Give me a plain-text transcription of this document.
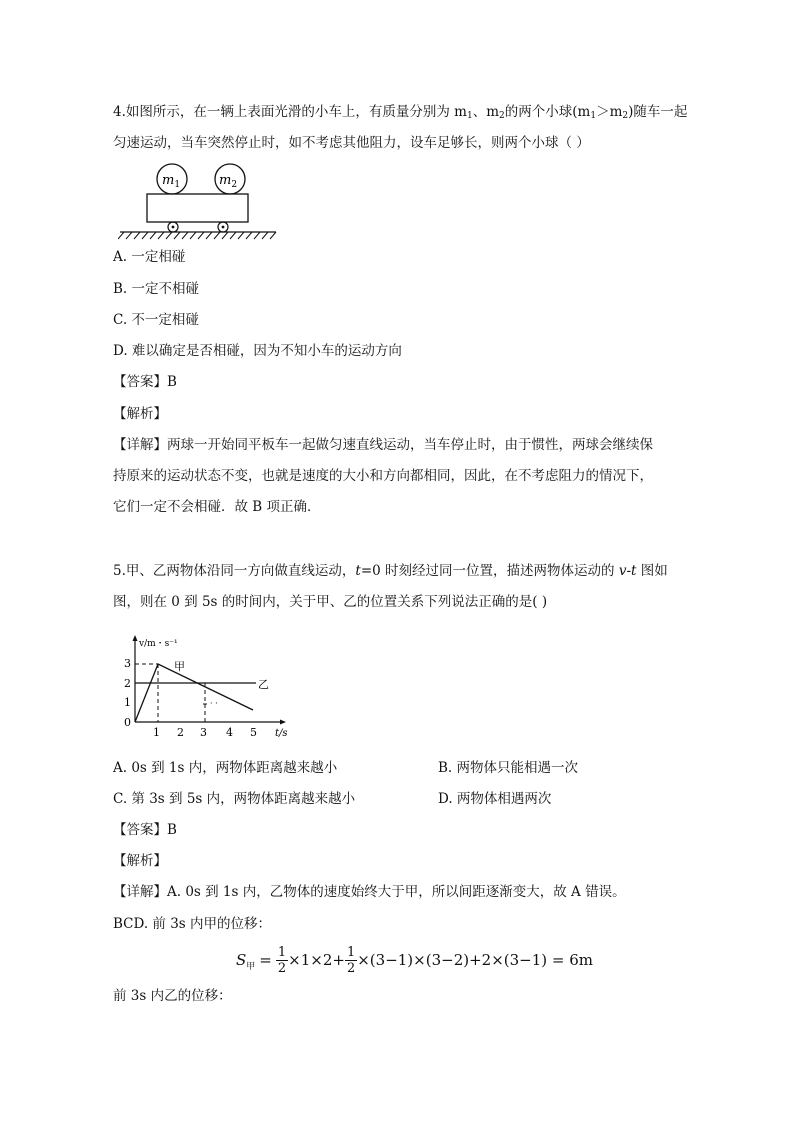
4.如图所示，在一辆上表面光滑的小车上，有质量分别为 $m_1$、$m_2$的两个小球$(m_1>m_2)$随车一起
匀速运动，当车突然停止时，如不考虑其他阻力，设车足够长，则两个小球（ ）
$m_1$	$m_2$
A. 一定相碰
B. 一定不相碰
C. 不一定相碰
D. 难以确定是否相碰，因为不知小车的运动方向
【答案】B
【解析】
【详解】两球一开始同平板车一起做匀速直线运动，当车停止时，由于惯性，两球会继续保
持原来的运动状态不变，也就是速度的大小和方向都相同，因此，在不考虑阻力的情况下，
它们一定不会相碰．故 B 项正确．
5.甲、乙两物体沿同一方向做直线运动，t=0 时刻经过同一位置，描述两物体运动的 v-t 图如
图，则在 0 到 5s 的时间内，关于甲、乙的位置关系下列说法正确的是( )
v/m・s⁻¹
t/s
3
2
1
0
1 2 3 4 5
甲
乙
· ·
A. 0s 到 1s 内，两物体距离越来越小	B. 两物体只能相遇一次
C. 第 3s 到 5s 内，两物体距离越来越小	D. 两物体相遇两次
【答案】B
【解析】
【详解】A. 0s 到 1s 内，乙物体的速度始终大于甲，所以间距逐渐变大，故 A 错误。
BCD. 前 3s 内甲的位移：
S 甲 = $\frac{1}{2} \times 1\times 2+ \frac{1}{2} \times(3-1)\times(3-2)+2\times(3-1) = 6m$
前 3s 内乙的位移：
